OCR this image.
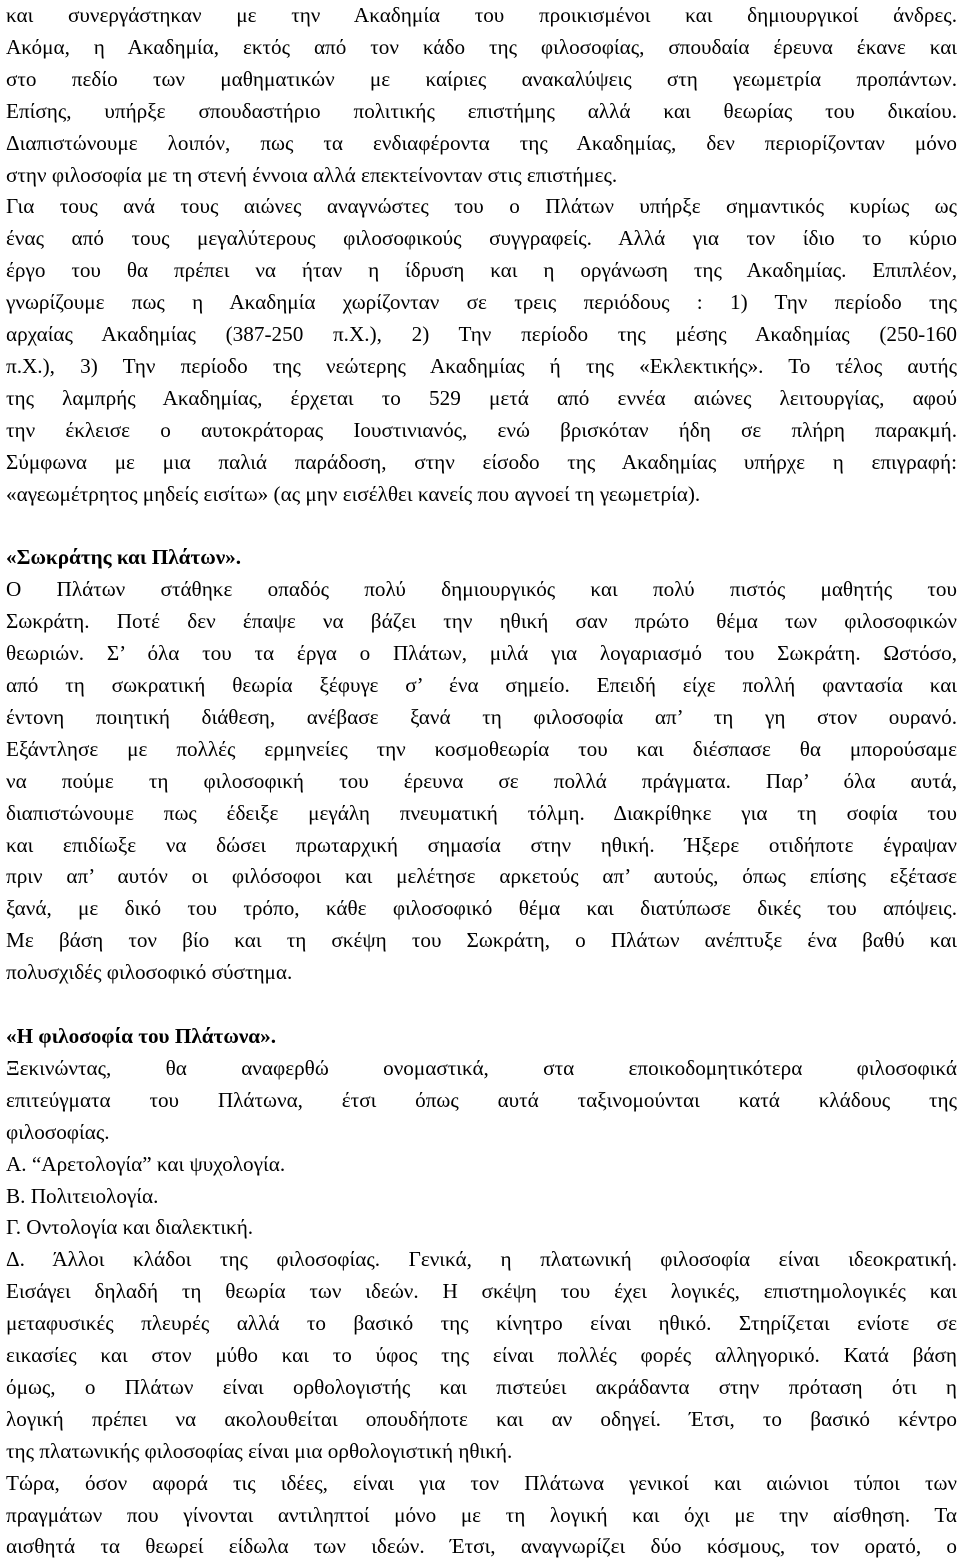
και συνεργάστηκαν με την Ακαδημία του προικισμένοι και δημιουργικοί άνδρες.
Ακόμα, η Ακαδημία, εκτός από τον κάδο της φιλοσοφίας, σπουδαία έρευνα έκανε και
στο πεδίο των μαθηματικών με καίριες ανακαλύψεις στη γεωμετρία προπάντων.
Επίσης, υπήρξε σπουδαστήριο πολιτικής επιστήμης αλλά και θεωρίας του δικαίου.
Διαπιστώνουμε λοιπόν, πως τα ενδιαφέροντα της Ακαδημίας, δεν περιορίζονταν μόνο
στην φιλοσοφία με τη στενή έννοια αλλά επεκτείνονταν στις επιστήμες.
Για τους ανά τους αιώνες αναγνώστες του ο Πλάτων υπήρξε σημαντικός κυρίως ως
ένας από τους μεγαλύτερους φιλοσοφικούς συγγραφείς. Αλλά για τον ίδιο το κύριο
έργο του θα πρέπει να ήταν η ίδρυση και η οργάνωση της Ακαδημίας. Επιπλέον,
γνωρίζουμε πως η Ακαδημία χωρίζονταν σε τρεις περιόδους : 1) Την περίοδο της
αρχαίας Ακαδημίας (387-250 π.Χ.), 2) Την περίοδο της μέσης Ακαδημίας (250-160
π.Χ.), 3) Την περίοδο της νεώτερης Ακαδημίας ή της «Εκλεκτικής». Το τέλος αυτής
της λαμπρής Ακαδημίας, έρχεται το 529 μετά από εννέα αιώνες λειτουργίας, αφού
την έκλεισε ο αυτοκράτορας Ιουστινιανός, ενώ βρισκόταν ήδη σε πλήρη παρακμή.
Σύμφωνα με μια παλιά παράδοση, στην είσοδο της Ακαδημίας υπήρχε η επιγραφή:
«αγεωμέτρητος μηδείς εισίτω» (ας μην εισέλθει κανείς που αγνοεί τη γεωμετρία).
«Σωκράτης και Πλάτων».
Ο Πλάτων στάθηκε οπαδός πολύ δημιουργικός και πολύ πιστός μαθητής του
Σωκράτη. Ποτέ δεν έπαψε να βάζει την ηθική σαν πρώτο θέμα των φιλοσοφικών
θεωριών. Σ’ όλα του τα έργα ο Πλάτων, μιλά για λογαριασμό του Σωκράτη. Ωστόσο,
από τη σωκρατική θεωρία ξέφυγε σ’ ένα σημείο. Επειδή είχε πολλή φαντασία και
έντονη ποιητική διάθεση, ανέβασε ξανά τη φιλοσοφία απ’ τη γη στον ουρανό.
Εξάντλησε με πολλές ερμηνείες την κοσμοθεωρία του και διέσπασε θα μπορούσαμε
να πούμε τη φιλοσοφική του έρευνα σε πολλά πράγματα. Παρ’ όλα αυτά,
διαπιστώνουμε πως έδειξε μεγάλη πνευματική τόλμη. Διακρίθηκε για τη σοφία του
και επιδίωξε να δώσει πρωταρχική σημασία στην ηθική. Ήξερε οτιδήποτε έγραψαν
πριν απ’ αυτόν οι φιλόσοφοι και μελέτησε αρκετούς απ’ αυτούς, όπως επίσης εξέτασε
ξανά, με δικό του τρόπο, κάθε φιλοσοφικό θέμα και διατύπωσε δικές του απόψεις.
Με βάση τον βίο και τη σκέψη του Σωκράτη, ο Πλάτων ανέπτυξε ένα βαθύ και
πολυσχιδές φιλοσοφικό σύστημα.
«Η φιλοσοφία του Πλάτωνα».
Ξεκινώντας, θα αναφερθώ ονομαστικά, στα εποικοδομητικότερα φιλοσοφικά
επιτεύγματα του Πλάτωνα, έτσι όπως αυτά ταξινομούνται κατά κλάδους της
φιλοσοφίας.
Α. “Αρετολογία” και ψυχολογία.
Β. Πολιτειολογία.
Γ. Οντολογία και διαλεκτική.
Δ. Άλλοι κλάδοι της φιλοσοφίας. Γενικά, η πλατωνική φιλοσοφία είναι ιδεοκρατική.
Εισάγει δηλαδή τη θεωρία των ιδεών. Η σκέψη του έχει λογικές, επιστημολογικές και
μεταφυσικές πλευρές αλλά το βασικό της κίνητρο είναι ηθικό. Στηρίζεται ενίοτε σε
εικασίες και στον μύθο και το ύφος της είναι πολλές φορές αλληγορικό. Κατά βάση
όμως, ο Πλάτων είναι ορθολογιστής και πιστεύει ακράδαντα στην πρόταση ότι η
λογική πρέπει να ακολουθείται οπουδήποτε και αν οδηγεί. Έτσι, το βασικό κέντρο
της πλατωνικής φιλοσοφίας είναι μια ορθολογιστική ηθική.
Τώρα, όσον αφορά τις ιδέες, είναι για τον Πλάτωνα γενικοί και αιώνιοι τύποι των
πραγμάτων που γίνονται αντιληπτοί μόνο με τη λογική και όχι με την αίσθηση. Τα
αισθητά τα θεωρεί είδωλα των ιδεών. Έτσι, αναγνωρίζει δύο κόσμους, τον ορατό, ο
